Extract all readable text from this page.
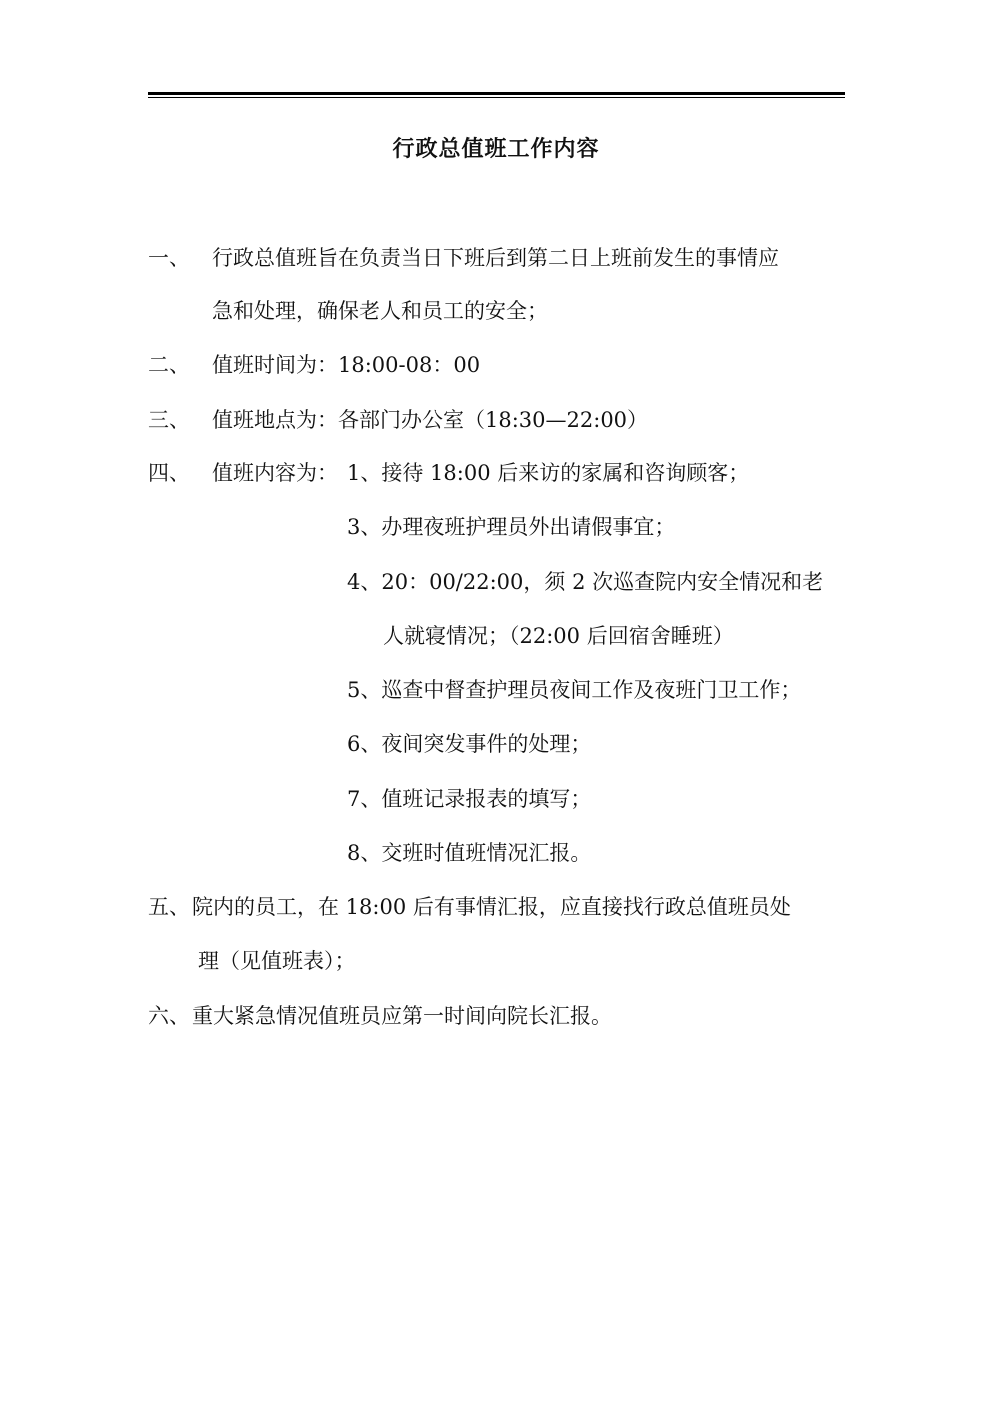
行政总值班工作内容
一、 行政总值班旨在负责当日下班后到第二日上班前发生的事情应
急和处理，确保老人和员工的安全；
二、 值班时间为：18:00-08：00
三、 值班地点为：各部门办公室（18:30—22:00）
四、 值班内容为： 1、接待 18:00 后来访的家属和咨询顾客；
3、办理夜班护理员外出请假事宜；
4、20：00/22:00，须 2 次巡查院内安全情况和老
人就寝情况；（22:00 后回宿舍睡班）
5、巡查中督查护理员夜间工作及夜班门卫工作；
6、夜间突发事件的处理；
7、值班记录报表的填写；
8、交班时值班情况汇报。
五、 院内的员工，在 18:00 后有事情汇报，应直接找行政总值班员处
理（见值班表）；
六、 重大紧急情况值班员应第一时间向院长汇报。
